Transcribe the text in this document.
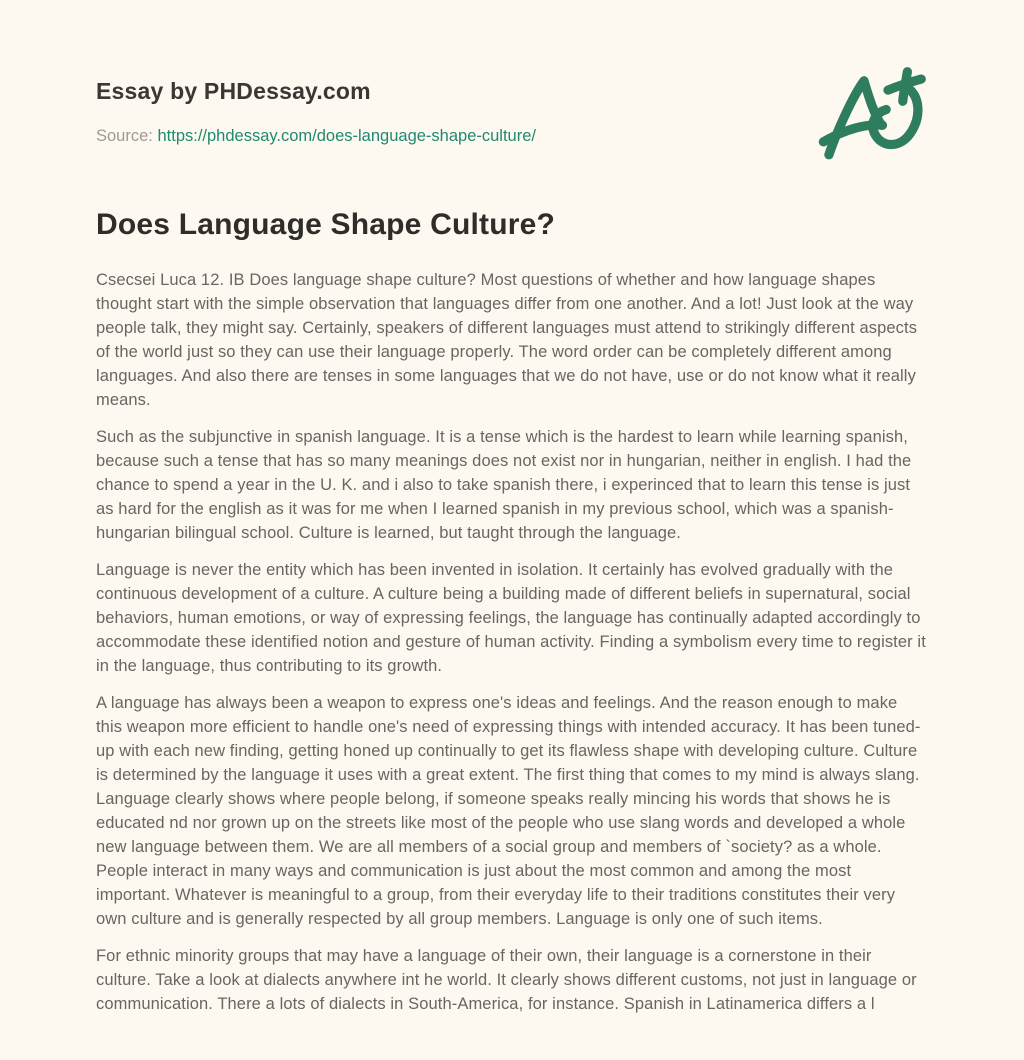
Essay by PHDessay.com
Source: https://phdessay.com/does-language-shape-culture/
Does Language Shape Culture?

Csecsei Luca 12. IB Does language shape culture? Most questions of whether and how language shapes thought start with the simple observation that languages differ from one another. And a lot! Just look at the way people talk, they might say. Certainly, speakers of different languages must attend to strikingly different aspects of the world just so they can use their language properly. The word order can be completely different among languages. And also there are tenses in some languages that we do not have, use or do not know what it really means.

Such as the subjunctive in spanish language. It is a tense which is the hardest to learn while learning spanish, because such a tense that has so many meanings does not exist nor in hungarian, neither in english. I had the chance to spend a year in the U. K. and i also to take spanish there, i experinced that to learn this tense is just as hard for the english as it was for me when I learned spanish in my previous school, which was a spanish-hungarian bilingual school. Culture is learned, but taught through the language.

Language is never the entity which has been invented in isolation. It certainly has evolved gradually with the continuous development of a culture. A culture being a building made of different beliefs in supernatural, social behaviors, human emotions, or way of expressing feelings, the language has continually adapted accordingly to accommodate these identified notion and gesture of human activity. Finding a symbolism every time to register it in the language, thus contributing to its growth.

A language has always been a weapon to express one's ideas and feelings. And the reason enough to make this weapon more efficient to handle one's need of expressing things with intended accuracy. It has been tuned-up with each new finding, getting honed up continually to get its flawless shape with developing culture. Culture is determined by the language it uses with a great extent. The first thing that comes to my mind is always slang. Language clearly shows where people belong, if someone speaks really mincing his words that shows he is educated nd nor grown up on the streets like most of the people who use slang words and developed a whole new language between them. We are all members of a social group and members of `society? as a whole. People interact in many ways and communication is just about the most common and among the most important. Whatever is meaningful to a group, from their everyday life to their traditions constitutes their very own culture and is generally respected by all group members. Language is only one of such items.

For ethnic minority groups that may have a language of their own, their language is a cornerstone in their culture. Take a look at dialects anywhere int he world. It clearly shows different customs, not just in language or communication. There a lots of dialects in South-America, for instance. Spanish in Latinamerica differs a l
